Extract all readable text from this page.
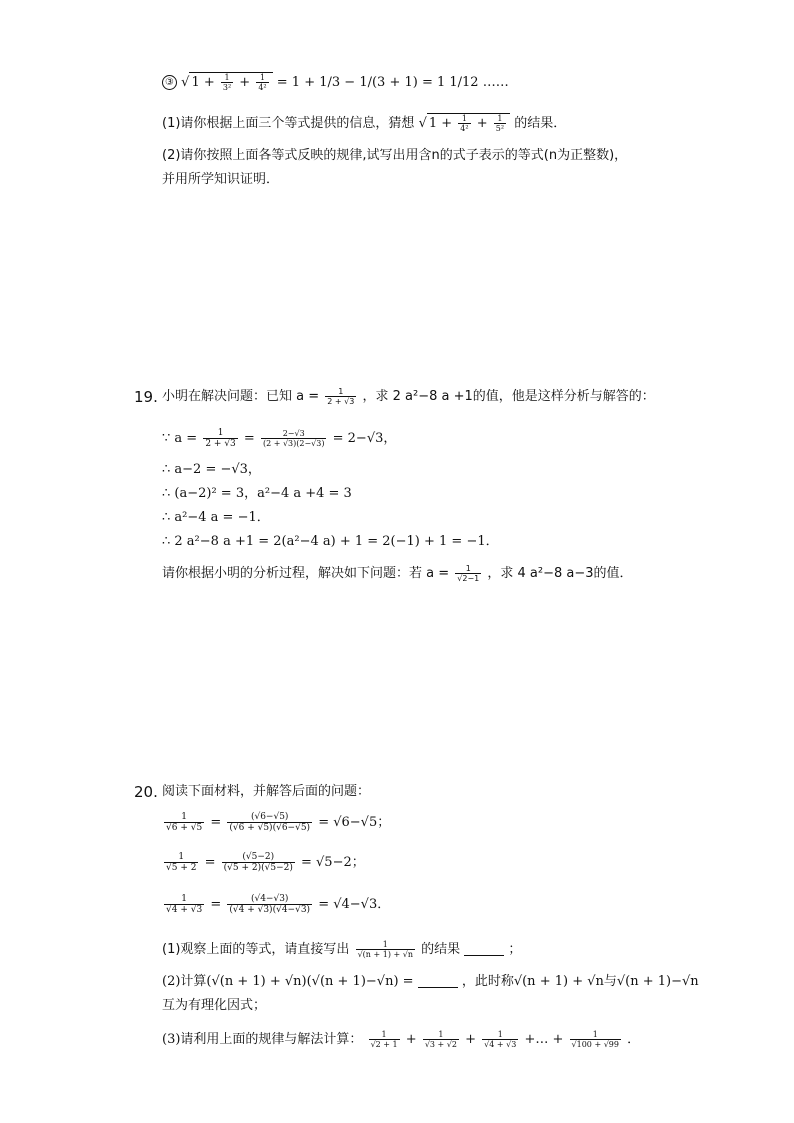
③ √ $1 + \frac{1}{\text{3²}} + \frac{1}{\text{4²}} = 1 + 1/3 - 1/(3 + 1) = 1$ 1/12 ……
(1)请你根据上面三个等式提供的信息，猜想 √ $1 + \frac{1}{\text{4²}} + \frac{1}{\text{5²}}$ 的结果．
(2)请你按照上面各等式反映的规律,试写出用含n的式子表示的等式(n为正整数)，
并用所学知识证明．
19. 小明在解决问题：已知 $a = \frac{1}{2 + √3}$ ，求 2 a²−8 a +1的值，他是这样分析与解答的：
∵ $a = \frac{1}{2 + √3} = \frac{2-√3}{(2 + √3)(2-√3)} = 2-√3$，
∴ a−2 = −√3，
∴ (a−2)² = 3，a²−4 a +4 = 3
∴ a²−4 a = −1．
∴ 2 a²−8 a +1 = 2(a²−4 a) + 1 = 2(−1) + 1 = −1．
请你根据小明的分析过程，解决如下问题：若 $a = \frac{1}{√2-1}$ ，求 4 a²−8 a−3的值．
20. 阅读下面材料，并解答后面的问题：
$\frac{1}{√6 + √5} = \frac{(√6-√5)}{(√6 + √5)(√6-√5)} = √6-√5$；
$\frac{1}{√5 + 2} = \frac{(√5-2)}{(√5 + 2)(√5-2)} = √5-2$；
$\frac{1}{√4 + √3} = \frac{(√4-√3)}{(√4 + √3)(√4-√3)} = √4-√3$．
(1)观察上面的等式，请直接写出 $\frac{1}{√(n + 1) + √n}$ 的结果	；
(2)计算(√(n + 1) + √n)(√(n + 1)−√n) =	，此时称√(n + 1) + √n与√(n + 1)−√n
互为有理化因式；
(3)请利用上面的规律与解法计算： $\frac{1}{√2 + 1} + \frac{1}{√3 + √2} + \frac{1}{√4 + √3}$ +… + $\frac{1}{√100 + √99}$ ．
